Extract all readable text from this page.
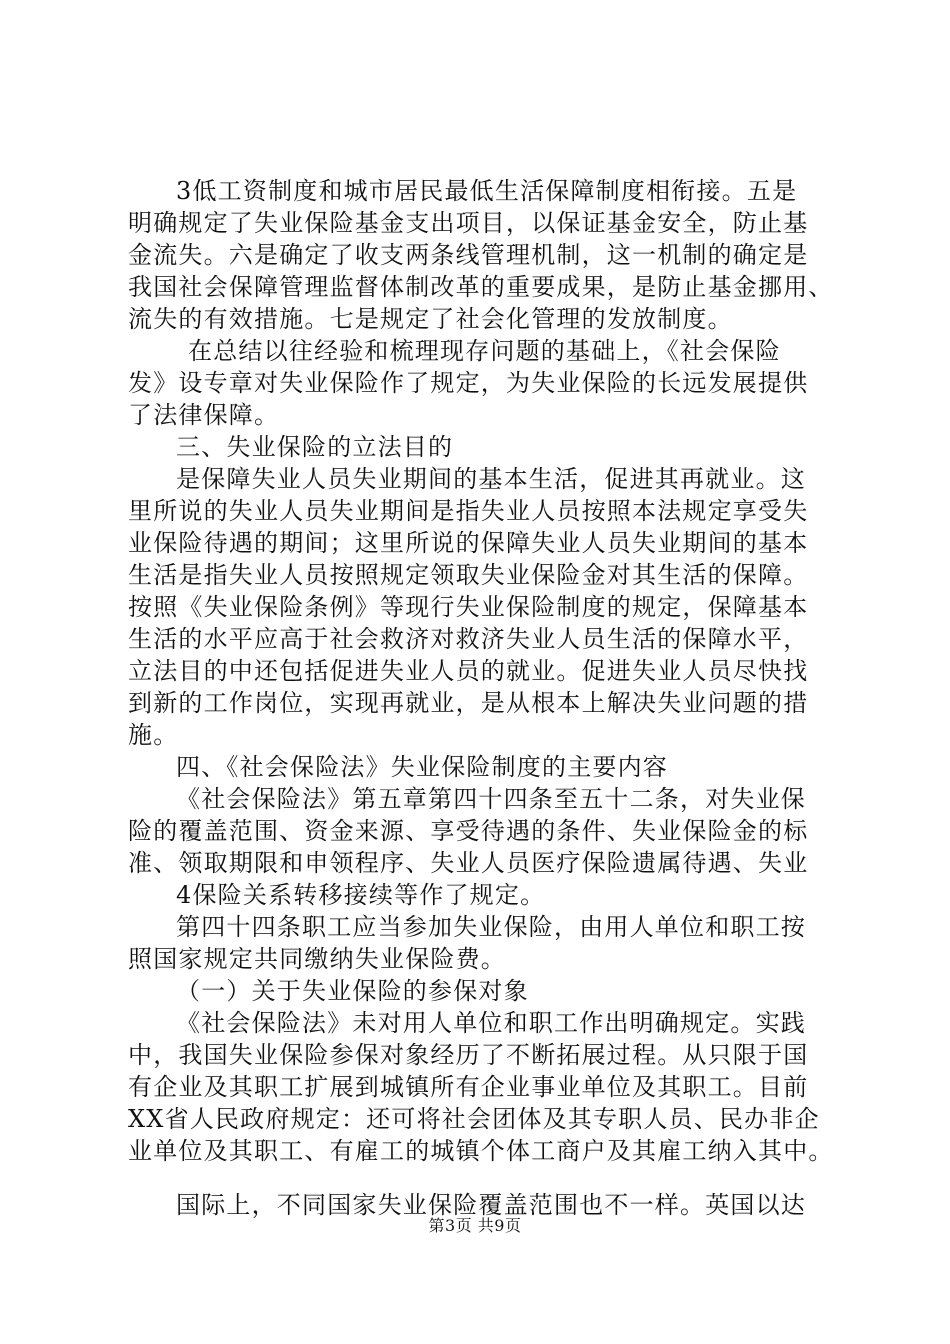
3低工资制度和城市居民最低生活保障制度相衔接。五是
明确规定了失业保险基金支出项目，以保证基金安全，防止基
金流失。六是确定了收支两条线管理机制，这一机制的确定是
我国社会保障管理监督体制改革的重要成果，是防止基金挪用、
流失的有效措施。七是规定了社会化管理的发放制度。
在总结以往经验和梳理现存问题的基础上，《社会保险
发》设专章对失业保险作了规定，为失业保险的长远发展提供
了法律保障。
三、失业保险的立法目的
是保障失业人员失业期间的基本生活，促进其再就业。这
里所说的失业人员失业期间是指失业人员按照本法规定享受失
业保险待遇的期间；这里所说的保障失业人员失业期间的基本
生活是指失业人员按照规定领取失业保险金对其生活的保障。
按照《失业保险条例》等现行失业保险制度的规定，保障基本
生活的水平应高于社会救济对救济失业人员生活的保障水平，
立法目的中还包括促进失业人员的就业。促进失业人员尽快找
到新的工作岗位，实现再就业，是从根本上解决失业问题的措
施。
四、《社会保险法》失业保险制度的主要内容
《社会保险法》第五章第四十四条至五十二条，对失业保
险的覆盖范围、资金来源、享受待遇的条件、失业保险金的标
准、领取期限和申领程序、失业人员医疗保险遗属待遇、失业
4保险关系转移接续等作了规定。
第四十四条职工应当参加失业保险，由用人单位和职工按
照国家规定共同缴纳失业保险费。
（一）关于失业保险的参保对象
《社会保险法》未对用人单位和职工作出明确规定。实践
中，我国失业保险参保对象经历了不断拓展过程。从只限于国
有企业及其职工扩展到城镇所有企业事业单位及其职工。目前
XX省人民政府规定：还可将社会团体及其专职人员、民办非企
业单位及其职工、有雇工的城镇个体工商户及其雇工纳入其中。
国际上，不同国家失业保险覆盖范围也不一样。英国以达
第3页 共9页
